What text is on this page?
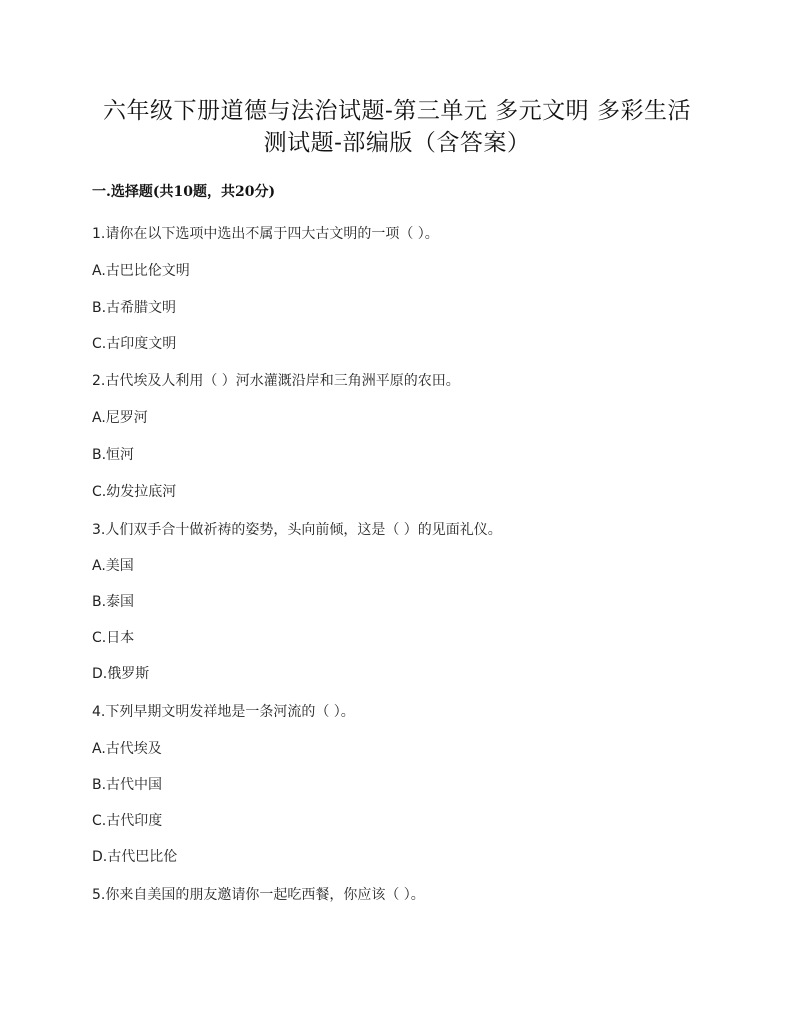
六年级下册道德与法治试题-第三单元 多元文明 多彩生活
测试题-部编版（含答案）
一.选择题(共10题，共20分)
1.请你在以下选项中选出不属于四大古文明的一项（ ）。
A.古巴比伦文明
B.古希腊文明
C.古印度文明
2.古代埃及人利用（ ）河水灌溉沿岸和三角洲平原的农田。
A.尼罗河
B.恒河
C.幼发拉底河
3.人们双手合十做祈祷的姿势，头向前倾，这是（ ）的见面礼仪。
A.美国
B.泰国
C.日本
D.俄罗斯
4.下列早期文明发祥地是一条河流的（ ）。
A.古代埃及
B.古代中国
C.古代印度
D.古代巴比伦
5.你来自美国的朋友邀请你一起吃西餐，你应该（ ）。
